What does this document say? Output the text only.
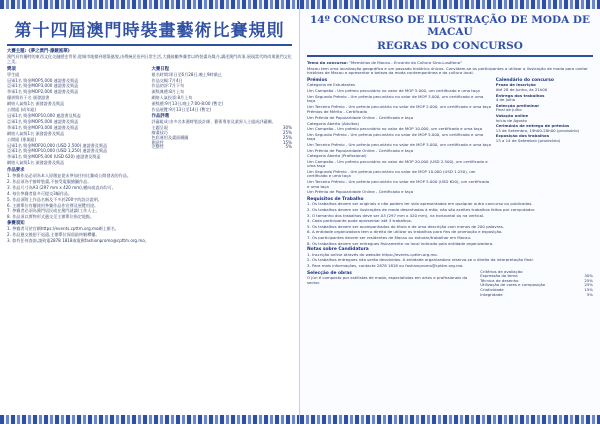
第十四屆澳門時裝畫藝術比賽規則
大賽主題:《夢之澳門·濠鏡風華》

澳門具有獨特的東西文化交融歷史背景,從城市地標到建築風貌,由傳統民俗到日常生活,大賽鼓勵參賽者以時裝畫為媒介,講述澳門故事,展現當代時尚與澳門文化之美。

獎項

學生組

冠軍1名 獎金MOP5,000 連證書及獎盃

亞軍1名 獎金MOP3,000 連證書及獎盃

季軍1名 獎金MOP2,000 連證書及獎盃

優異獎若干名 頒發證書

網絡人氣獎1名 頒發證書及獎盃

公開組 (成年組)

冠軍1名 獎金MOP10,000 連證書及獎盃

亞軍1名 獎金MOP5,000 連證書及獎盃

季軍1名 獎金MOP3,000 連證書及獎盃

網絡人氣獎1名 頒發證書及獎盃

公開組 (專業組)

冠軍1名 獎金MOP20,000 (USD 2,500) 連證書及獎盃

亞軍1名 獎金MOP10,000 (USD 1,250) 連證書及獎盃

季軍1名 獎金MOP5,000 (USD 620) 連證書及獎盃

網絡人氣獎1名 頒發證書及獎盃

大賽日程

報名時間:即日至6月28日,晚上9時截止

作品交稿:7月4日

作品初評:7月下旬

頒獎典禮:8月上旬

網絡人氣投票:8月上旬

頒獎禮:9月13日,晚上7:00-8:00 (暫定)

作品展覽:9月13日至14日 (暫定)

作品評選

評審組成:由多名本澳時裝設計師、藝術專家及業界人士組成評審團。

主題呈現	30%
繪畫技巧	25%
色彩運用及畫面構圖	25%
創意性	15%
完整性	5%
作品要求

1. 參賽作品必須為本人原創並從未參加任何比賽或公開發表的作品。

2. 作品須為手繪時裝畫,不接受電腦繪圖作品。

3. 作品尺寸為A3 (297 mm x 420 mm),橫向或直向均可。

4. 每位參賽者最多可提交3幅作品。

5. 作品須附上作品名稱及不多於200字的設計說明。

6. 主辦單位有權使用參賽作品作宣傳及展覽用途。

7. 參賽者必須為澳門居民或在澳門就讀/工作人士。

8. 作品須以實物形式遞交至主辦單位指定地點。

參賽須知

1. 參賽者可於官網https://events.cpttm.org.mo網上報名。

2. 作品遞交後恕不退還,主辦單位保留最終解釋權。

3. 如有任何查詢,請致電2878 1818或電郵fashionpromo@cpttm.org.mo。

14º CONCURSO DE ILUSTRAÇÃO DE MODA DE MACAU
REGRAS DO CONCURSO

Tema do concurso: "Memórias de Macau - Encanto da Cultura Sino-Lusófona"

Macau tem uma localização geográfica e um passado histórico únicos. Convidam-se os participantes a utilizar a ilustração de moda para contar histórias de Macau e apresentar a beleza da moda contemporânea e da cultura local.

Prémios

Categoria de Estudantes

Um Campeão - Um prémio pecuniário no valor de MOP 5.000, um certificado e uma taça

Um Segundo Prémio - Um prémio pecuniário no valor de MOP 3.000, um certificado e uma taça

Um Terceiro Prémio - Um prémio pecuniário no valor de MOP 2.000, um certificado e uma taça

Prémios de Mérito - Certificado

Um Prémio de Popularidade Online - Certificado e taça

Categoria Aberta (Adultos)

Um Campeão - Um prémio pecuniário no valor de MOP 10.000, um certificado e uma taça

Um Segundo Prémio - Um prémio pecuniário no valor de MOP 5.000, um certificado e uma taça

Um Terceiro Prémio - Um prémio pecuniário no valor de MOP 3.000, um certificado e uma taça

Um Prémio de Popularidade Online - Certificado e taça

Categoria Aberta (Profissional)

Um Campeão - Um prémio pecuniário no valor de MOP 20.000 (USD 2.500), um certificado e uma taça

Um Segundo Prémio - Um prémio pecuniário no valor de MOP 10.000 (USD 1.250), um certificado e uma taça

Um Terceiro Prémio - Um prémio pecuniário no valor de MOP 5.000 (USD 620), um certificado e uma taça

Um Prémio de Popularidade Online - Certificado e taça

Calendário do concurso

Prazo de inscrição
Até 28 de Junho, às 21h00

Entrega dos trabalhos
4 de Julho

Selecção preliminar
Final de Julho

Votação online
Início de Agosto

Cerimónia de entrega de prémios
13 de Setembro, 19h00-20h00 (provisório)

Exposição dos trabalhos
13 a 14 de Setembro (provisório)

Requisitos de Trabalho

1. Os trabalhos devem ser originais e não podem ter sido apresentados em qualquer outro concurso ou publicados.

2. Os trabalhos devem ser ilustrações de moda desenhadas à mão; não são aceites trabalhos feitos por computador.

3. O tamanho dos trabalhos deve ser A3 (297 mm x 420 mm), na horizontal ou na vertical.

4. Cada participante pode apresentar até 3 trabalhos.

5. Os trabalhos devem ser acompanhados do título e de uma descrição com menos de 200 palavras.

6. A entidade organizadora tem o direito de utilizar os trabalhos para fins de promoção e exposição.

7. Os participantes devem ser residentes de Macau ou estudar/trabalhar em Macau.

8. Os trabalhos devem ser entregues fisicamente no local indicado pela entidade organizadora.

Notas sobre Candidatura

1. Inscrição online através do website https://events.cpttm.org.mo.

2. Os trabalhos entregues não serão devolvidos. A entidade organizadora reserva-se o direito da interpretação final.

3. Para mais informações, contacte 2878 1818 ou fashionpromo@cpttm.org.mo.

Selecção de obras

O júri é composto por estilistas de moda, especialistas em artes e profissionais do sector.

Critérios de avaliação
Expressão do tema	30%
Técnica de desenho	25%
Utilização de cores e composição	25%
Criatividade	15%
Integridade	5%
